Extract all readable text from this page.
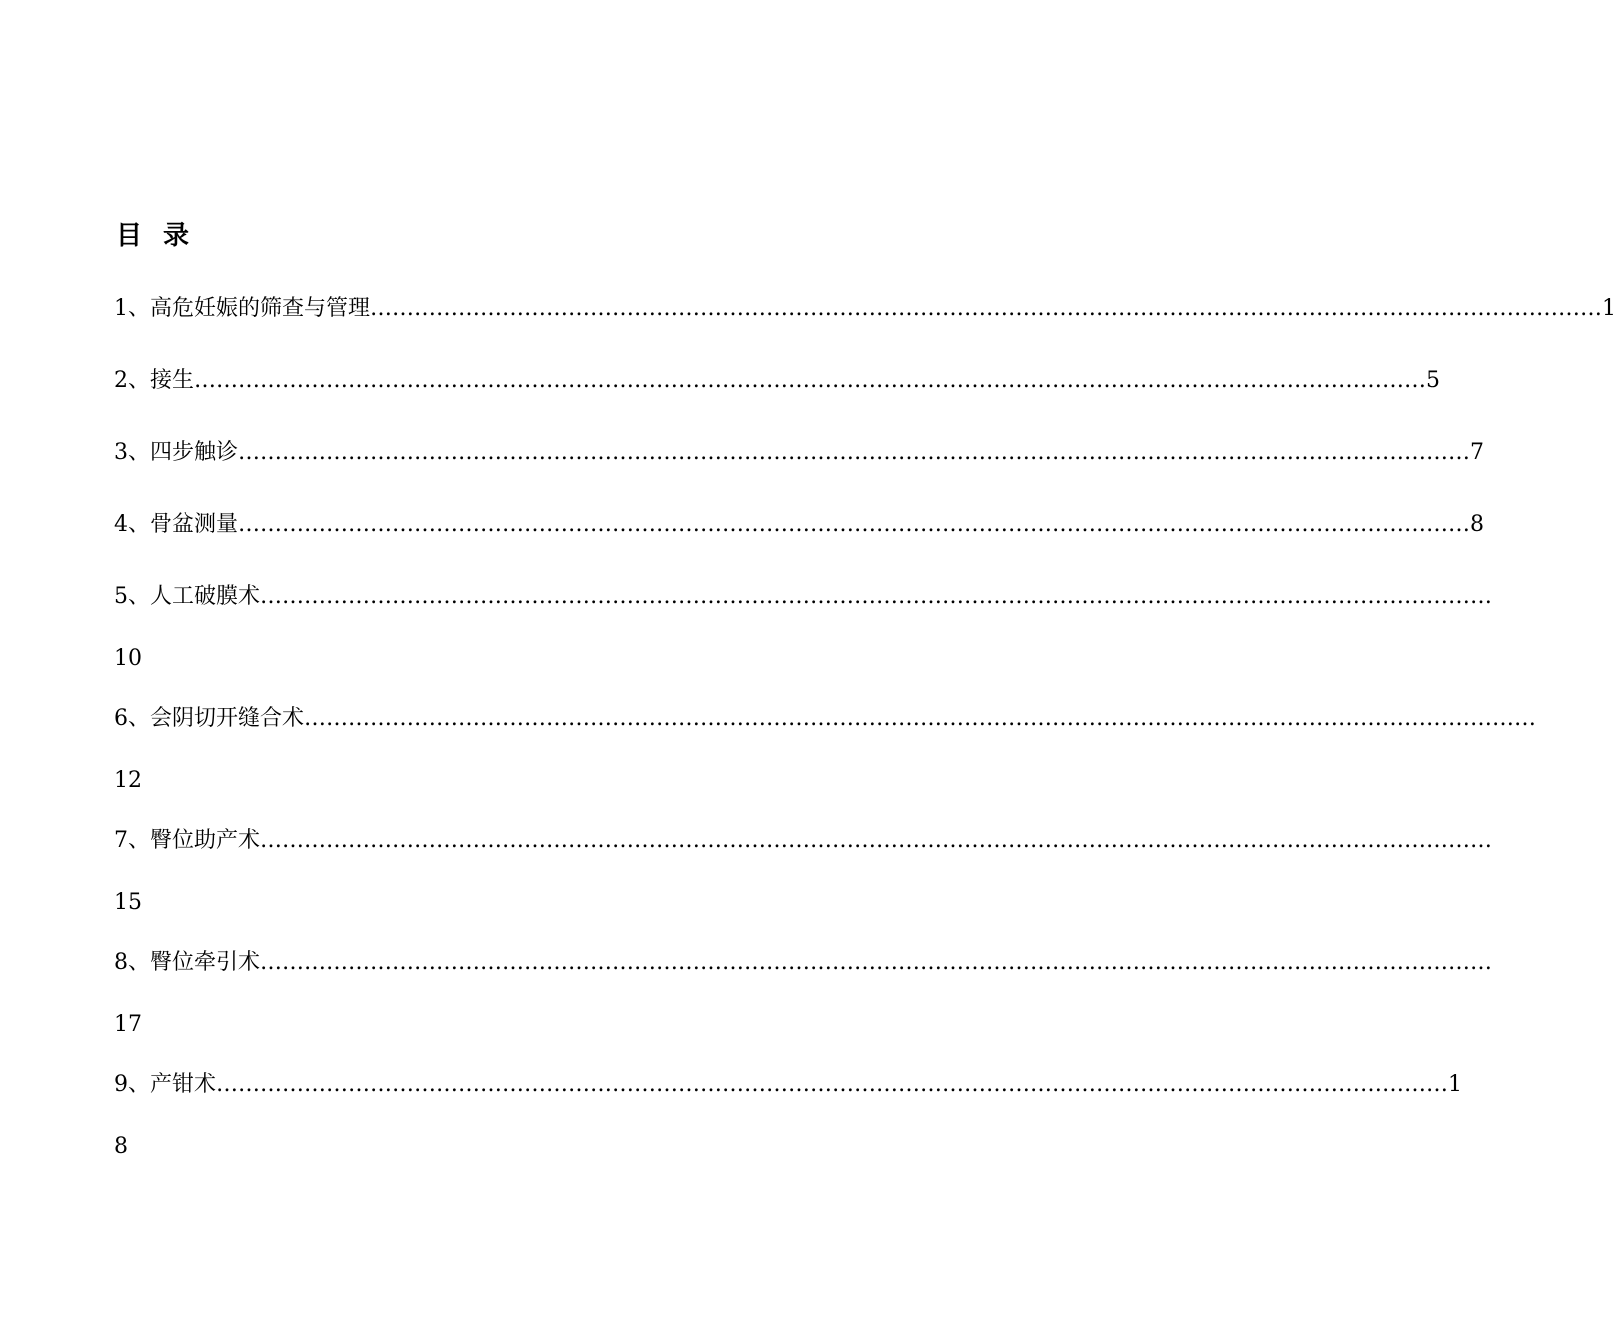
目 录
1、 高危妊娠的筛查与管理 …………………………………………………………………………………………………………………………………………………… 1
2、 接生 …………………………………………………………………………………………………………………………………………………… 5
3、 四步触诊 …………………………………………………………………………………………………………………………………………………… 7
4、 骨盆测量 …………………………………………………………………………………………………………………………………………………… 8
5、 人工破膜术 ……………………………………………………………………………………………………………………………………………………
10
6、 会阴切开缝合术 ……………………………………………………………………………………………………………………………………………………
12
7、 臀位助产术 ……………………………………………………………………………………………………………………………………………………
15
8、 臀位牵引术 ……………………………………………………………………………………………………………………………………………………
17
9、 产钳术 …………………………………………………………………………………………………………………………………………………… 1
8
